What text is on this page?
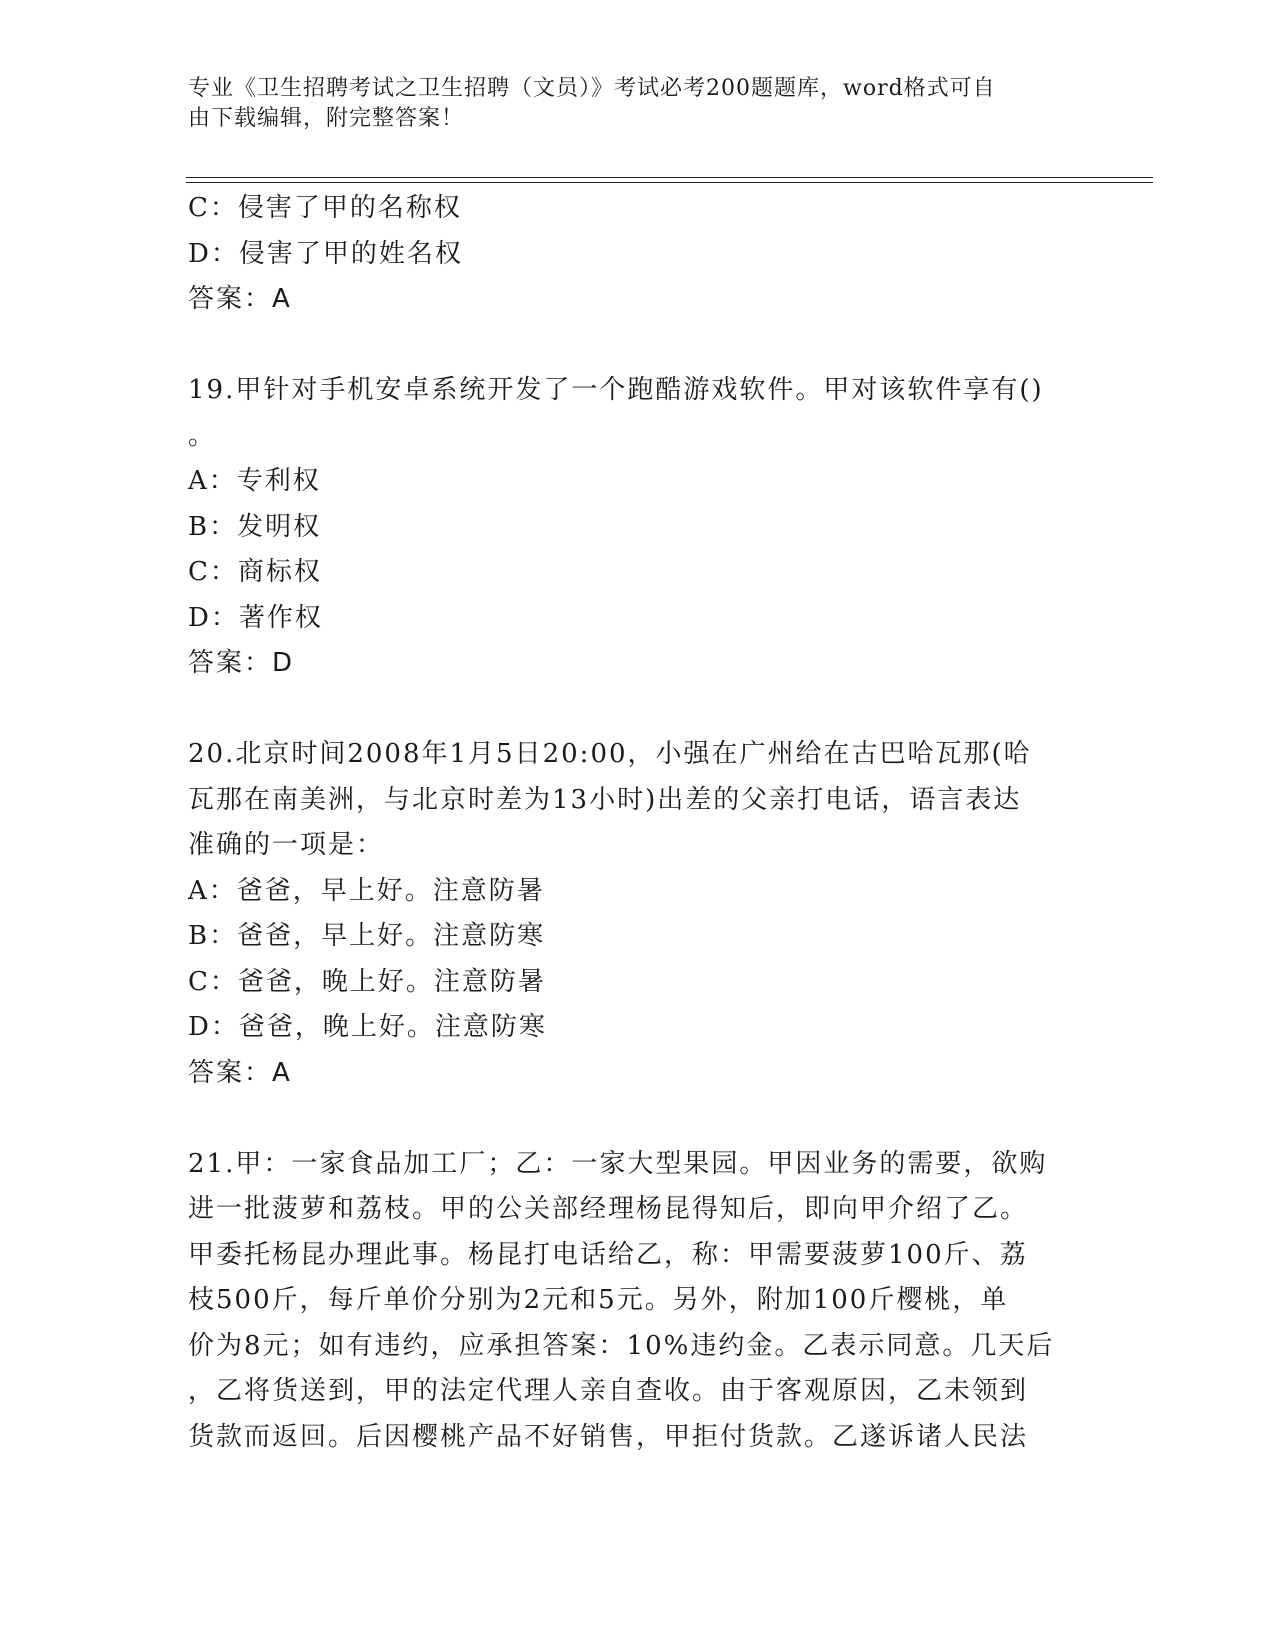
专业《卫生招聘考试之卫生招聘（文员）》考试必考200题题库，word格式可自
由下载编辑，附完整答案！
C：侵害了甲的名称权
D：侵害了甲的姓名权
答案：A
19.甲针对手机安卓系统开发了一个跑酷游戏软件。甲对该软件享有()
。
A：专利权
B：发明权
C：商标权
D：著作权
答案：D
20.北京时间2008年1月5日20:00，小强在广州给在古巴哈瓦那(哈
瓦那在南美洲，与北京时差为13小时)出差的父亲打电话，语言表达
准确的一项是：
A：爸爸，早上好。注意防暑
B：爸爸，早上好。注意防寒
C：爸爸，晚上好。注意防暑
D：爸爸，晚上好。注意防寒
答案：A
21.甲：一家食品加工厂；乙：一家大型果园。甲因业务的需要，欲购
进一批菠萝和荔枝。甲的公关部经理杨昆得知后，即向甲介绍了乙。
甲委托杨昆办理此事。杨昆打电话给乙，称：甲需要菠萝100斤、荔
枝500斤，每斤单价分别为2元和5元。另外，附加100斤樱桃，单
价为8元；如有违约，应承担答案：10%违约金。乙表示同意。几天后
，乙将货送到，甲的法定代理人亲自查收。由于客观原因，乙未领到
货款而返回。后因樱桃产品不好销售，甲拒付货款。乙遂诉诸人民法
